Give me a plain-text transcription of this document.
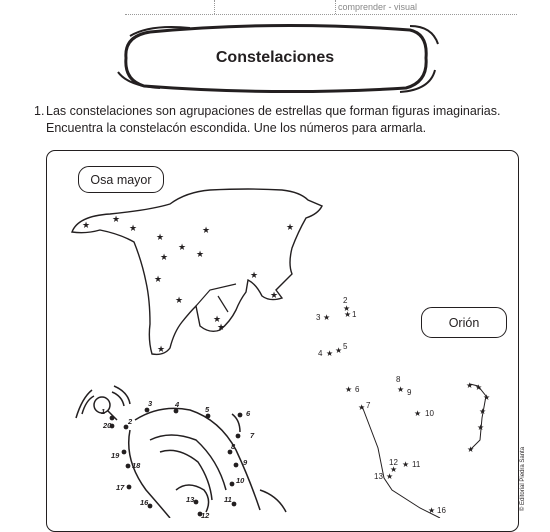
comprender - visual
Constelaciones
1. Las constelaciones son agrupaciones de estrellas que forman figuras imaginarias.
Encuentra la constelacón escondida. Une los números para armarla.
Osa mayor
Orión
★
★
★
★
★	★
★
★
★
★	★
★	★
★
★
★
2
★
3 ★ ★ 1
5
4 ★ ★
★ 6
8
★ 9
★ 7
★ 10
12
★
★ 11
13 ★
★ 16
★ ★
★
★
★
★
1
2
3	4
5	6
7
8
9
10
11
13
16
17
18
19
20
12
© Editorial Piedra Santa
